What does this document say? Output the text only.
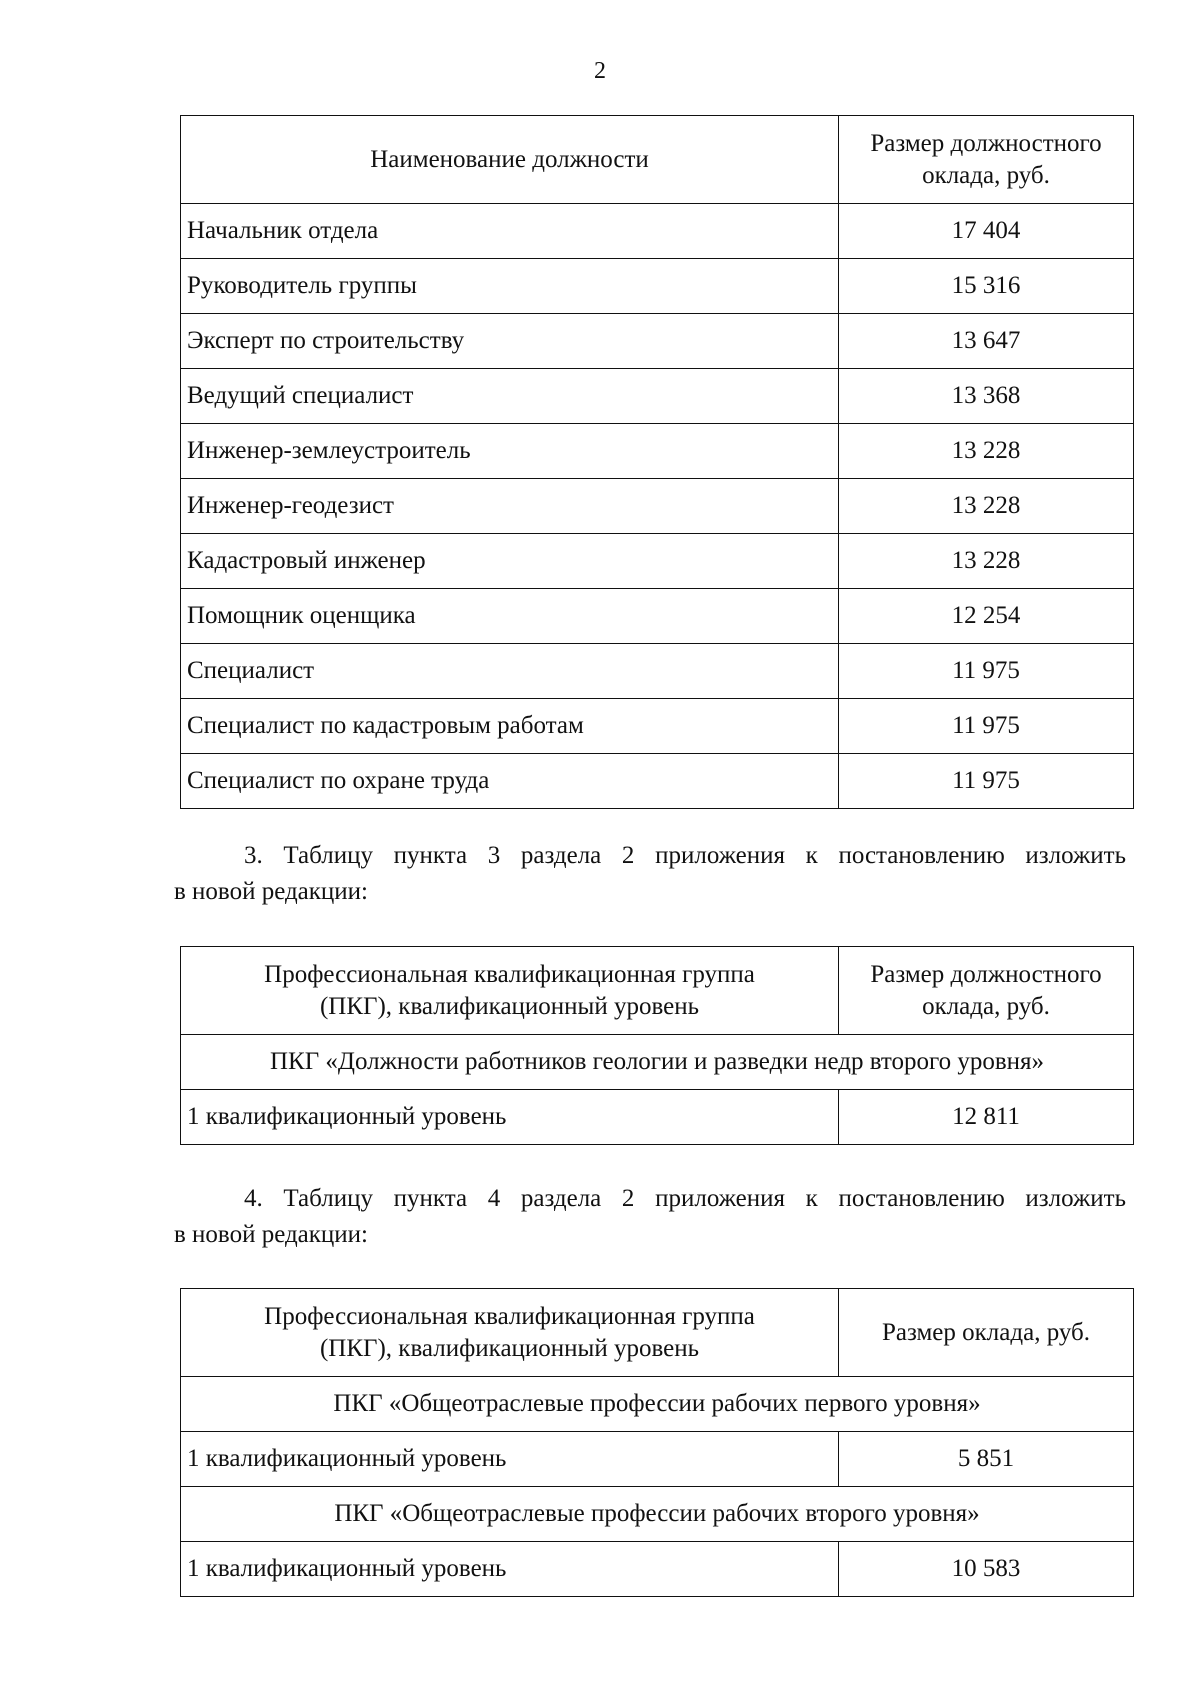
2
Наименование должности	Размер должностного оклада, руб.
Начальник отдела	17 404
Руководитель группы	15 316
Эксперт по строительству	13 647
Ведущий специалист	13 368
Инженер-землеустроитель	13 228
Инженер-геодезист	13 228
Кадастровый инженер	13 228
Помощник оценщика	12 254
Специалист	11 975
Специалист по кадастровым работам	11 975
Специалист по охране труда	11 975
3. Таблицу пункта 3 раздела 2 приложения к постановлению изложить
в новой редакции:
Профессиональная квалификационная группа (ПКГ), квалификационный уровень	Размер должностного оклада, руб.
ПКГ «Должности работников геологии и разведки недр второго уровня»	
1 квалификационный уровень	12 811
4. Таблицу пункта 4 раздела 2 приложения к постановлению изложить
в новой редакции:
Профессиональная квалификационная группа (ПКГ), квалификационный уровень	Размер оклада, руб.
ПКГ «Общеотраслевые профессии рабочих первого уровня»	
1 квалификационный уровень	5 851
ПКГ «Общеотраслевые профессии рабочих второго уровня»	
1 квалификационный уровень	10 583
